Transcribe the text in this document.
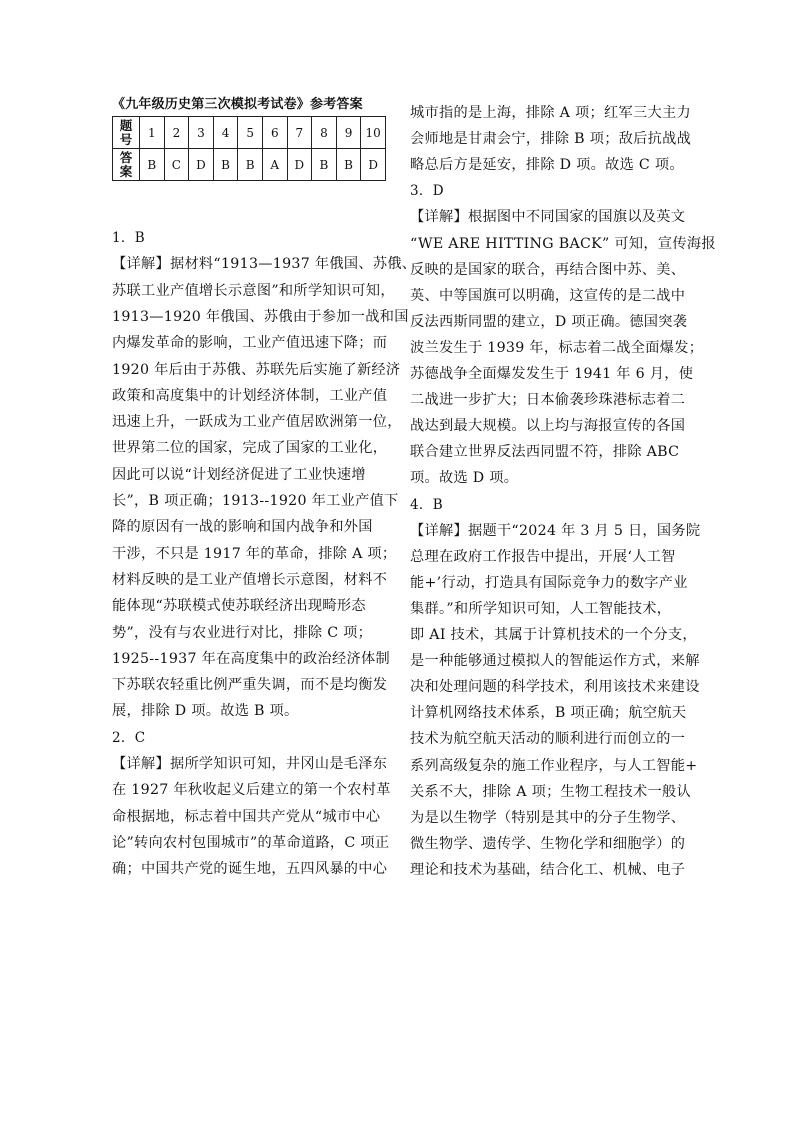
《九年级历史第三次模拟考试卷》参考答案
题
号	1	2	3	4	5	6	7	8	9	10

答
案	B	C	D	B	B	A	D	B	B	D
1．B
【详解】据材料“1913—1937 年俄国、苏俄、
苏联工业产值增长示意图”和所学知识可知，
1913—1920 年俄国、苏俄由于参加一战和国
内爆发革命的影响，工业产值迅速下降；而
1920 年后由于苏俄、苏联先后实施了新经济
政策和高度集中的计划经济体制，工业产值
迅速上升，一跃成为工业产值居欧洲第一位，
世界第二位的国家，完成了国家的工业化，
因此可以说“计划经济促进了工业快速增
长”，B 项正确；1913--1920 年工业产值下
降的原因有一战的影响和国内战争和外国
干涉，不只是 1917 年的革命，排除 A 项；
材料反映的是工业产值增长示意图，材料不
能体现“苏联模式使苏联经济出现畸形态
势”，没有与农业进行对比，排除 C 项；
1925--1937 年在高度集中的政治经济体制
下苏联农轻重比例严重失调，而不是均衡发
展，排除 D 项。故选 B 项。
2．C
【详解】据所学知识可知，井冈山是毛泽东
在 1927 年秋收起义后建立的第一个农村革
命根据地，标志着中国共产党从“城市中心
论”转向农村包围城市”的革命道路，C 项正
确；中国共产党的诞生地，五四风暴的中心
城市指的是上海，排除 A 项；红军三大主力
会师地是甘肃会宁，排除 B 项；敌后抗战战
略总后方是延安，排除 D 项。故选 C 项。
3．D
【详解】根据图中不同国家的国旗以及英文
“WE ARE HITTING BACK” 可知，宣传海报
反映的是国家的联合，再结合图中苏、美、
英、中等国旗可以明确，这宣传的是二战中
反法西斯同盟的建立，D 项正确。德国突袭
波兰发生于 1939 年，标志着二战全面爆发；
苏德战争全面爆发发生于 1941 年 6 月，使
二战进一步扩大；日本偷袭珍珠港标志着二
战达到最大规模。以上均与海报宣传的各国
联合建立世界反法西同盟不符，排除 ABC
项。故选 D 项。
4．B
【详解】据题干“2024 年 3 月 5 日，国务院
总理在政府工作报告中提出，开展‘人工智
能+’行动，打造具有国际竞争力的数字产业
集群。”和所学知识可知，人工智能技术，
即 AI 技术，其属于计算机技术的一个分支，
是一种能够通过模拟人的智能运作方式，来解
决和处理问题的科学技术，利用该技术来建设
计算机网络技术体系，B 项正确；航空航天
技术为航空航天活动的顺利进行而创立的一
系列高级复杂的施工作业程序，与人工智能+
关系不大，排除 A 项；生物工程技术一般认
为是以生物学（特别是其中的分子生物学、
微生物学、遗传学、生物化学和细胞学）的
理论和技术为基础，结合化工、机械、电子
